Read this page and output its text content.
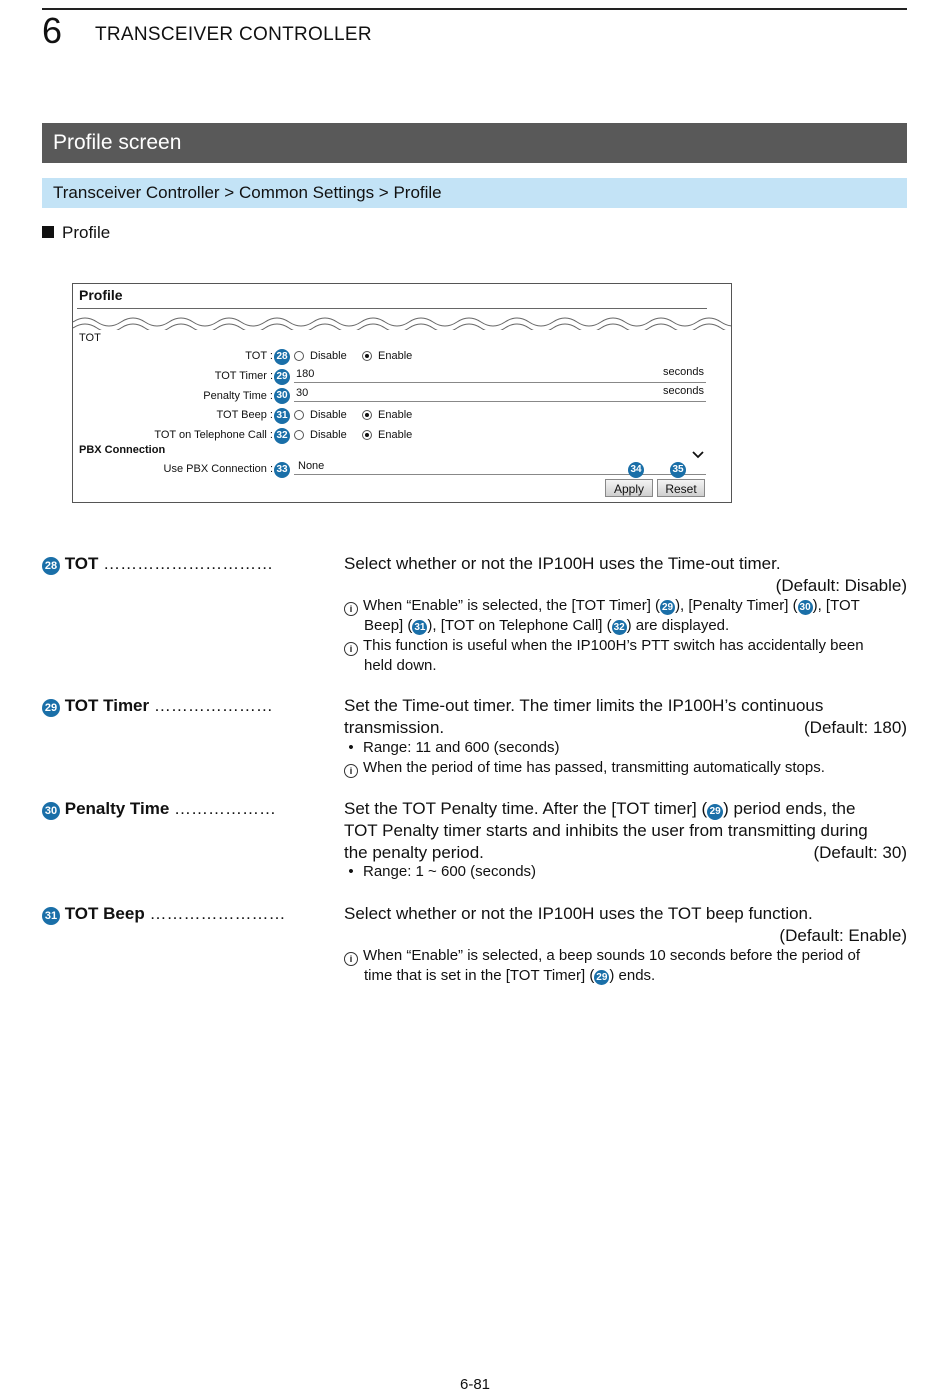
6 TRANSCEIVER CONTROLLER
Profile screen
Transceiver Controller > Common Settings > Profile
Profile
Profile
TOT
TOT : 28 Disable	Enable
TOT Timer : 29 180	seconds
Penalty Time : 30 30	seconds
TOT Beep : 31 Disable	Enable
TOT on Telephone Call : 32 Disable	Enable
PBX Connection
Use PBX Connection : 33 None	34	35
Apply	Reset
28 TOT …………………………	Select whether or not the IP100H uses the Time-out timer.
(Default: Disable)
i When “Enable” is selected, the [TOT Timer] ( 29 ), [Penalty Timer] ( 30 ), [TOT
Beep] ( 31 ), [TOT on Telephone Call] ( 32 ) are displayed.
i This function is useful when the IP100H’s PTT switch has accidentally been
held down.
29 TOT Timer …………………	Set the Time-out timer. The timer limits the IP100H’s continuous
transmission.	(Default: 180)
• Range: 11 and 600 (seconds)
i When the period of time has passed, transmitting automatically stops.
30 Penalty Time ………………	Set the TOT Penalty time. After the [TOT timer] ( 29 ) period ends, the
TOT Penalty timer starts and inhibits the user from transmitting during
the penalty period.	(Default: 30)
• Range: 1 ~ 600 (seconds)
31 TOT Beep ……………………	Select whether or not the IP100H uses the TOT beep function.
(Default: Enable)
i When “Enable” is selected, a beep sounds 10 seconds before the period of
time that is set in the [TOT Timer] ( 29 ) ends.
6-81
